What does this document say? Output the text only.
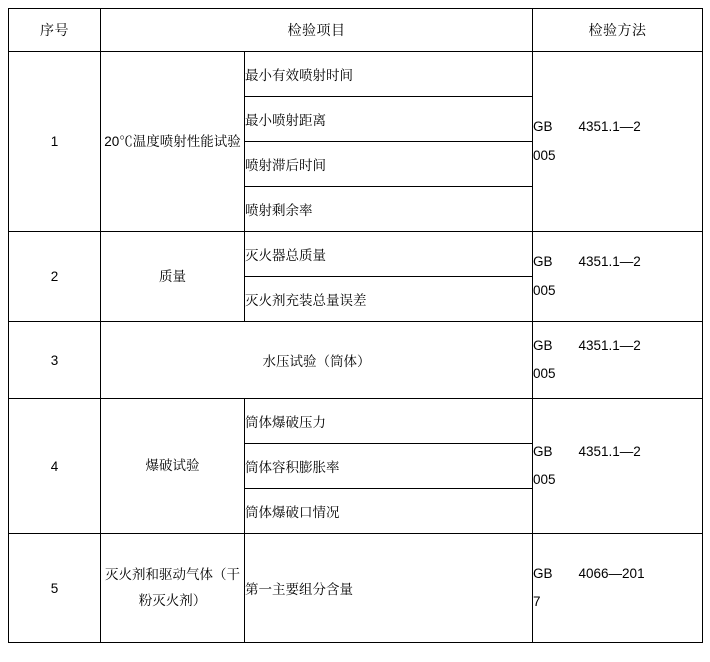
序号	检验项目		检验方法
1	20℃温度喷射性能试验	最小有效喷射时间	GB 4351.1—2
005

		最小喷射距离	
		喷射滞后时间	
		喷射剩余率	
2	质量	灭火器总质量	GB 4351.1—2
005

		灭火剂充装总量误差	
3	水压试验（筒体）		GB 4351.1—2
005

4	爆破试验	筒体爆破压力	GB 4351.1—2
005

		筒体容积膨胀率	
		筒体爆破口情况	
5	灭火剂和驱动气体（干粉灭火剂）	第一主要组分含量	GB 4066—201
7
